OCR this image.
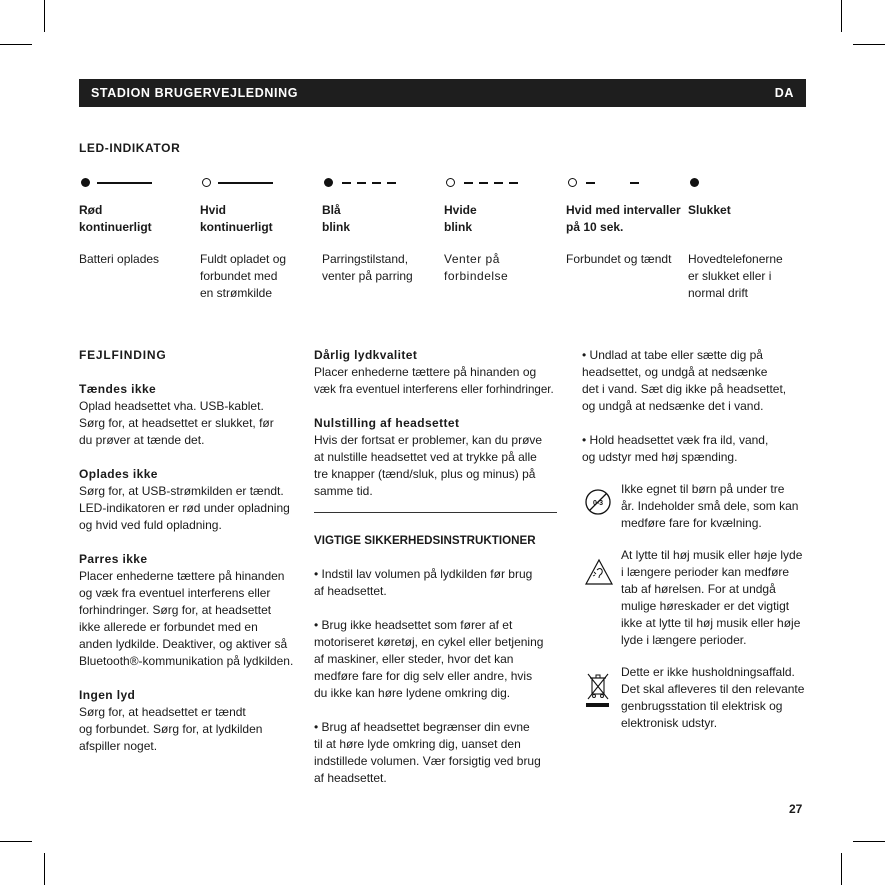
STADION BRUGERVEJLEDNING	DA
LED-INDIKATOR
Rød
kontinuerligt
Batteri oplades
Hvid
kontinuerligt
Fuldt opladet og
forbundet med
en strømkilde
Blå
blink
Parringstilstand,
venter på parring
Hvide
blink
Venter på
forbindelse
Hvid med intervaller
på 10 sek.
Forbundet og tændt
Slukket
Hovedtelefonerne
er slukket eller i
normal drift

FEJLFINDING

Tændes ikke

Oplad headsettet vha. USB-kablet.

Sørg for, at headsettet er slukket, før

du prøver at tænde det.

Oplades ikke

Sørg for, at USB-strømkilden er tændt.

LED-indikatoren er rød under opladning

og hvid ved fuld opladning.

Parres ikke

Placer enhederne tættere på hinanden

og væk fra eventuel interferens eller

forhindringer. Sørg for, at headsettet

ikke allerede er forbundet med en

anden lydkilde. Deaktiver, og aktiver så

Bluetooth®-kommunikation på lydkilden.

Ingen lyd

Sørg for, at headsettet er tændt

og forbundet. Sørg for, at lydkilden

afspiller noget.

Dårlig lydkvalitet

Placer enhederne tættere på hinanden og

væk fra eventuel interferens eller forhindringer.

Nulstilling af headsettet

Hvis der fortsat er problemer, kan du prøve

at nulstille headsettet ved at trykke på alle

tre knapper (tænd/sluk, plus og minus) på

samme tid.

VIGTIGE SIKKERHEDSINSTRUKTIONER

• Indstil lav volumen på lydkilden før brug

af headsettet.

• Brug ikke headsettet som fører af et

motoriseret køretøj, en cykel eller betjening

af maskiner, eller steder, hvor det kan

medføre fare for dig selv eller andre, hvis

du ikke kan høre lydene omkring dig.

• Brug af headsettet begrænser din evne

til at høre lyde omkring dig, uanset den

indstillede volumen. Vær forsigtig ved brug

af headsettet.

• Undlad at tabe eller sætte dig på

headsettet, og undgå at nedsænke

det i vand. Sæt dig ikke på headsettet,

og undgå at nedsænke det i vand.

• Hold headsettet væk fra ild, vand,

og udstyr med høj spænding.

0-3
Ikke egnet til børn på under tre
år. Indeholder små dele, som kan
medføre fare for kvælning.
At lytte til høj musik eller høje lyde
i længere perioder kan medføre
tab af hørelsen. For at undgå
mulige høreskader er det vigtigt
ikke at lytte til høj musik eller høje
lyde i længere perioder.
Dette er ikke husholdningsaffald.
Det skal afleveres til den relevante
genbrugsstation til elektrisk og
elektronisk udstyr.
27
